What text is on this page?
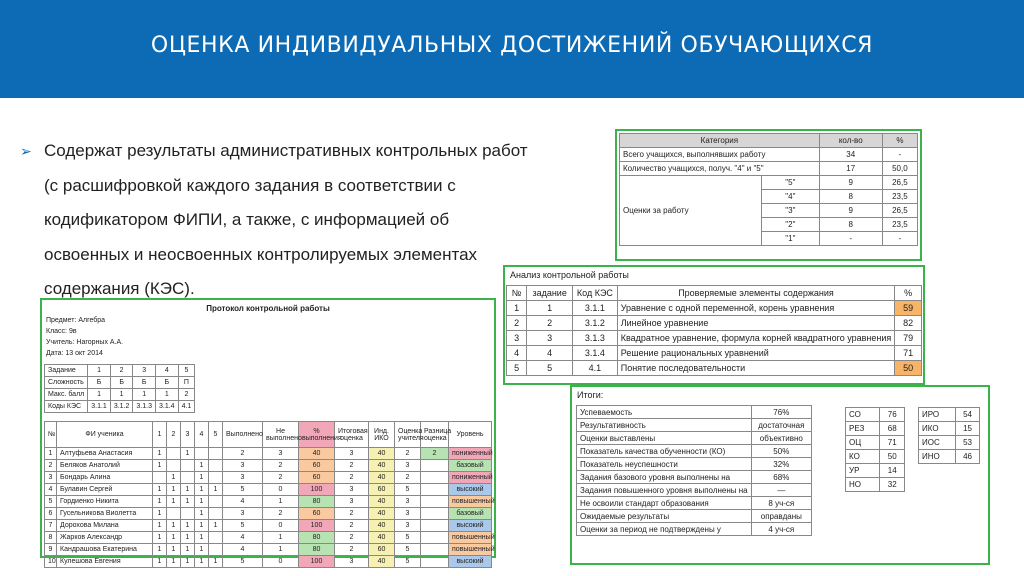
ОЦЕНКА ИНДИВИДУАЛЬНЫХ ДОСТИЖЕНИЙ ОБУЧАЮЩИХСЯ
➢ Содержат результаты административных контрольных работ

(с расшифровкой каждого задания в соответствии с

кодификатором ФИПИ, а также, с информацией об

освоенных и неосвоенных контролируемых элементах

содержания (КЭС).

Категория		кол-во	%
Всего учащихся, выполнявших работу		34	-
Количество учащихся, получ. "4" и "5"		17	50,0
Оценки за работу	"5"	9	26,5
	"4"	8	23,5
	"3"	9	26,5
	"2"	8	23,5
	"1"	-	-
Протокол контрольной работы
Предмет: Алгебра
Класс: 9в
Учитель: Нагорных А.А.
Дата: 13 окт 2014
Задание	1	2	3	4	5
Сложность	Б	Б	Б	Б	П
Макс. балл	1	1	1	1	2
Коды КЭС	3.1.1	3.1.2	3.1.3	3.1.4	4.1
№	ФИ ученика	1	2	3	4	5	Выполнено	Не выполнено	% выполнения	Итоговая оценка	Инд. ИКО	Оценка учителя	Разница оценка	Уровень
1	Алтуфьева Анастасия	1		1			2	3	40	3	40	2	2	пониженный
2	Беляков Анатолий	1			1		3	2	60	2	40	3		базовый
3	Бондарь Алина		1		1		3	2	60	2	40	2		пониженный
4	Булавин Сергей	1	1	1	1	1	5	0	100	3	60	5		высокий
5	Гордиенко Никита	1	1	1	1		4	1	80	3	40	3		повышенный
6	Гусельникова Виолетта	1			1		3	2	60	2	40	3		базовый
7	Дорохова Милана	1	1	1	1	1	5	0	100	2	40	3		высокий
8	Жарков Александр	1	1	1	1		4	1	80	2	40	5		повышенный
9	Кандрашова Екатерина	1	1	1	1		4	1	80	2	60	5		повышенный
10	Кулешова Евгения	1	1	1	1	1	5	0	100	3	40	5		высокий
Анализ контрольной работы
№	задание	Код КЭС	Проверяемые элементы содержания	%
1	1	3.1.1	Уравнение с одной переменной, корень уравнения	59
2	2	3.1.2	Линейное уравнение	82
3	3	3.1.3	Квадратное уравнение, формула корней квадратного уравнения	79
4	4	3.1.4	Решение рациональных уравнений	71
5	5	4.1	Понятие последовательности	50
Итоги:
Успеваемость	76%
Результативность	достаточная
Оценки выставлены	объективно
Показатель качества обученности (КО)	50%
Показатель неуспешности	32%
Задания базового уровня выполнены на	68%
Задания повышенного уровня выполнены на	—
Не освоили стандарт образования	8 уч-ся
Ожидаемые результаты	оправданы
Оценки за период не подтверждены у	4 уч-ся
СО	76
РЕЗ	68
ОЦ	71
КО	50
УР	14
НО	32
ИРО	54
ИКО	15
ИОС	53
ИНО	46
